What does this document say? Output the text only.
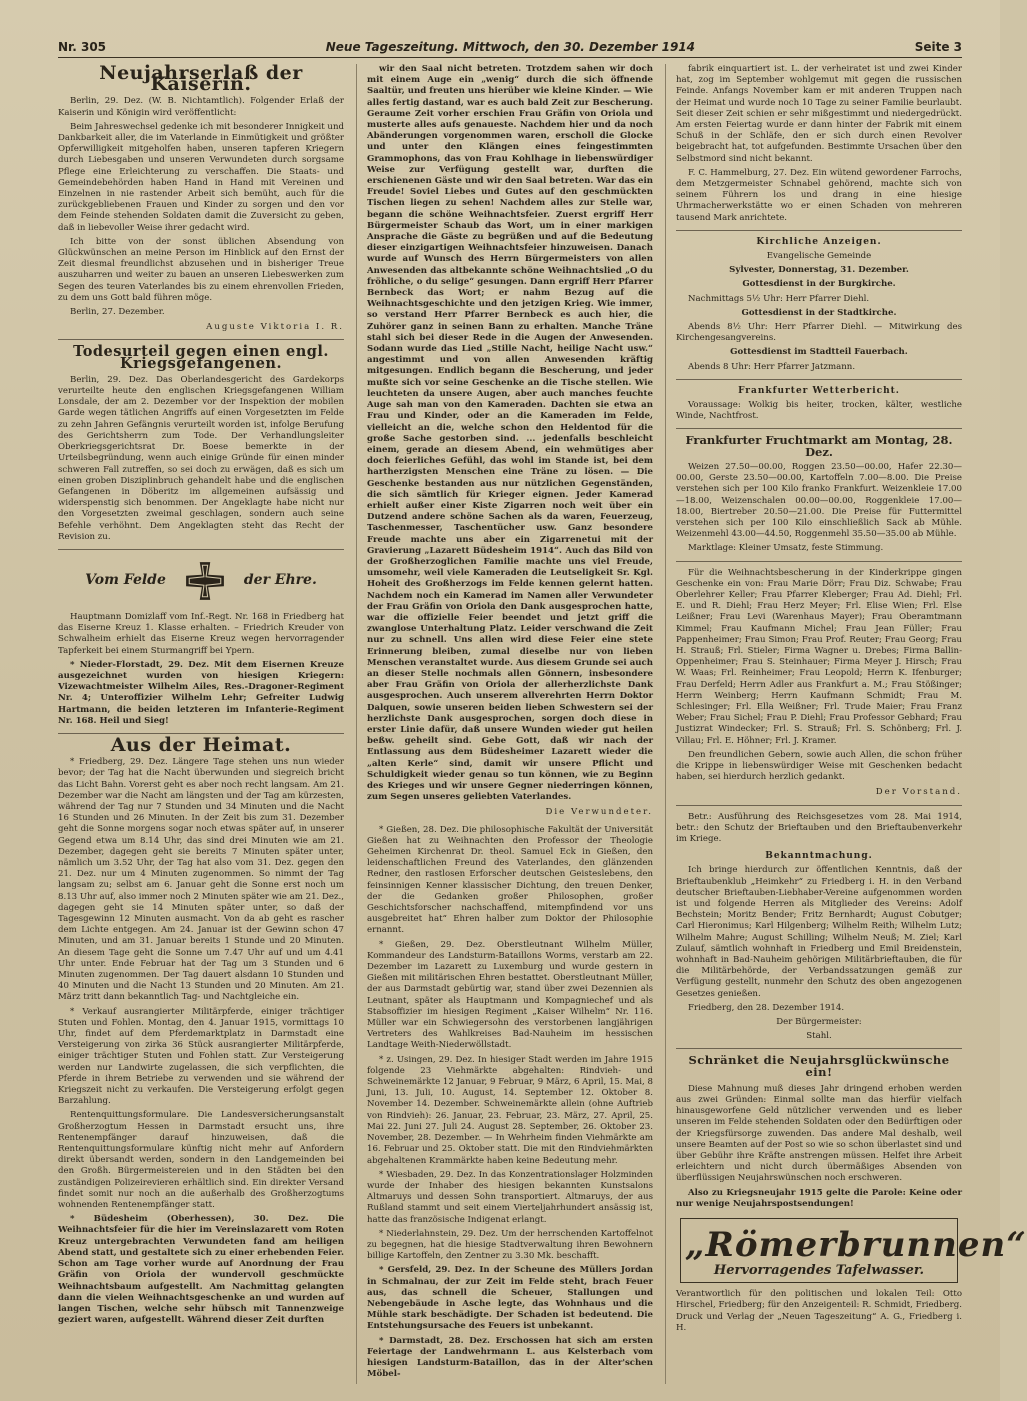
Nr. 305	Neue Tageszeitung. Mittwoch, den 30. Dezember 1914	Seite 3
Neujahrserlaß der Kaiserin.

Berlin, 29. Dez. (W. B. Nichtamtlich). Folgender Erlaß der Kaiserin und Königin wird veröffentlicht:

Beim Jahreswechsel gedenke ich mit besonderer Innigkeit und Dankbarkeit aller, die im Vaterlande in Einmütigkeit und größter Opferwilligkeit mitgeholfen haben, unseren tapferen Kriegern durch Liebesgaben und unseren Verwundeten durch sorgsame Pflege eine Erleichterung zu verschaffen. Die Staats- und Gemeindebehörden haben Hand in Hand mit Vereinen und Einzelnen in nie rastender Arbeit sich bemüht, auch für die zurückgebliebenen Frauen und Kinder zu sorgen und den vor dem Feinde stehenden Soldaten damit die Zuversicht zu geben, daß in liebevoller Weise ihrer gedacht wird.

Ich bitte von der sonst üblichen Absendung von Glückwünschen an meine Person im Hinblick auf den Ernst der Zeit diesmal freundlichst abzusehen und in bisheriger Treue auszuharren und weiter zu bauen an unseren Liebeswerken zum Segen des teuren Vaterlandes bis zu einem ehrenvollen Frieden, zu dem uns Gott bald führen möge.

Berlin, 27. Dezember.

Auguste Viktoria I. R.
Todesurteil gegen einen engl. Kriegsgefangenen.

Berlin, 29. Dez. Das Oberlandesgericht des Gardekorps verurteilte heute den englischen Kriegsgefangenen William Lonsdale, der am 2. Dezember vor der Inspektion der mobilen Garde wegen tätlichen Angriffs auf einen Vorgesetzten im Felde zu zehn Jahren Gefängnis verurteilt worden ist, infolge Berufung des Gerichtsherrn zum Tode. Der Verhandlungsleiter Oberkriegsgerichtsrat Dr. Boese bemerkte in der Urteilsbegründung, wenn auch einige Gründe für einen minder schweren Fall zutreffen, so sei doch zu erwägen, daß es sich um einen groben Disziplinbruch gehandelt habe und die englischen Gefangenen in Döberitz im allgemeinen aufsässig und widerspenstig sich benommen. Der Angeklagte habe nicht nur den Vorgesetzten zweimal geschlagen, sondern auch seine Befehle verhöhnt. Dem Angeklagten steht das Recht der Revision zu.

Vom Felde	der Ehre.

Hauptmann Domizlaff vom Inf.-Regt. Nr. 168 in Friedberg hat das Eiserne Kreuz 1. Klasse erhalten. – Friedrich Kreuder von Schwalheim erhielt das Eiserne Kreuz wegen hervorragender Tapferkeit bei einem Sturmangriff bei Ypern.

* Nieder-Florstadt, 29. Dez. Mit dem Eisernen Kreuze ausgezeichnet wurden von hiesigen Kriegern: Vizewachtmeister Wilhelm Ailes, Res.-Dragoner-Regiment Nr. 4; Unteroffizier Wilhelm Lehr; Gefreiter Ludwig Hartmann, die beiden letzteren im Infanterie-Regiment Nr. 168. Heil und Sieg!

Aus der Heimat.

* Friedberg, 29. Dez. Längere Tage stehen uns nun wieder bevor; der Tag hat die Nacht überwunden und siegreich bricht das Licht Bahn. Vorerst geht es aber noch recht langsam. Am 21. Dezember war die Nacht am längsten und der Tag am kürzesten, während der Tag nur 7 Stunden und 34 Minuten und die Nacht 16 Stunden und 26 Minuten. In der Zeit bis zum 31. Dezember geht die Sonne morgens sogar noch etwas später auf, in unserer Gegend etwa um 8.14 Uhr, das sind drei Minuten wie am 21. Dezember, dagegen geht sie bereits 7 Minuten später unter, nämlich um 3.52 Uhr, der Tag hat also vom 31. Dez. gegen den 21. Dez. nur um 4 Minuten zugenommen. So nimmt der Tag langsam zu; selbst am 6. Januar geht die Sonne erst noch um 8.13 Uhr auf, also immer noch 2 Minuten später wie am 21. Dez., dagegen geht sie 14 Minuten später unter, so daß der Tagesgewinn 12 Minuten ausmacht. Von da ab geht es rascher dem Lichte entgegen. Am 24. Januar ist der Gewinn schon 47 Minuten, und am 31. Januar bereits 1 Stunde und 20 Minuten. An diesem Tage geht die Sonne um 7.47 Uhr auf und um 4.41 Uhr unter. Ende Februar hat der Tag um 3 Stunden und 6 Minuten zugenommen. Der Tag dauert alsdann 10 Stunden und 40 Minuten und die Nacht 13 Stunden und 20 Minuten. Am 21. März tritt dann bekanntlich Tag- und Nachtgleiche ein.

* Verkauf ausrangierter Militärpferde, einiger trächtiger Stuten und Fohlen. Montag, den 4. Januar 1915, vormittags 10 Uhr, findet auf dem Pferdemarktplatz in Darmstadt eine Versteigerung von zirka 36 Stück ausrangierter Militärpferde, einiger trächtiger Stuten und Fohlen statt. Zur Versteigerung werden nur Landwirte zugelassen, die sich verpflichten, die Pferde in ihrem Betriebe zu verwenden und sie während der Kriegszeit nicht zu verkaufen. Die Versteigerung erfolgt gegen Barzahlung.

Rentenquittungsformulare. Die Landesversicherungsanstalt Großherzogtum Hessen in Darmstadt ersucht uns, ihre Rentenempfänger darauf hinzuweisen, daß die Rentenquittungsformulare künftig nicht mehr auf Anfordern direkt übersandt werden, sondern in den Landgemeinden bei den Großh. Bürgermeistereien und in den Städten bei den zuständigen Polizeirevieren erhältlich sind. Ein direkter Versand findet somit nur noch an die außerhalb des Großherzogtums wohnenden Rentenempfänger statt.

* Büdesheim (Oberhessen), 30. Dez. Die Weihnachtsfeier für die hier im Vereinslazarett vom Roten Kreuz untergebrachten Verwundeten fand am heiligen Abend statt, und gestaltete sich zu einer erhebenden Feier. Schon am Tage vorher wurde auf Anordnung der Frau Gräfin von Oriola der wundervoll geschmückte Weihnachtsbaum aufgestellt. Am Nachmittag gelangten dann die vielen Weihnachtsgeschenke an und wurden auf langen Tischen, welche sehr hübsch mit Tannenzweige geziert waren, aufgestellt. Während dieser Zeit durften

wir den Saal nicht betreten. Trotzdem sahen wir doch mit einem Auge ein „wenig“ durch die sich öffnende Saaltür, und freuten uns hierüber wie kleine Kinder. — Wie alles fertig dastand, war es auch bald Zeit zur Bescherung. Geraume Zeit vorher erschien Frau Gräfin von Oriola und musterte alles aufs genaueste. Nachdem hier und da noch Abänderungen vorgenommen waren, erscholl die Glocke und unter den Klängen eines feingestimmten Grammophons, das von Frau Kohlhage in liebenswürdiger Weise zur Verfügung gestellt war, durften die erschienenen Gäste und wir den Saal betreten. War das ein Freude! Soviel Liebes und Gutes auf den geschmückten Tischen liegen zu sehen! Nachdem alles zur Stelle war, begann die schöne Weihnachtsfeier. Zuerst ergriff Herr Bürgermeister Schaub das Wort, um in einer markigen Ansprache die Gäste zu begrüßen und auf die Bedeutung dieser einzigartigen Weihnachtsfeier hinzuweisen. Danach wurde auf Wunsch des Herrn Bürgermeisters von allen Anwesenden das altbekannte schöne Weihnachtslied „O du fröhliche, o du selige“ gesungen. Dann ergriff Herr Pfarrer Bernbeck das Wort; er nahm Bezug auf die Weihnachtsgeschichte und den jetzigen Krieg. Wie immer, so verstand Herr Pfarrer Bernbeck es auch hier, die Zuhörer ganz in seinen Bann zu erhalten. Manche Träne stahl sich bei dieser Rede in die Augen der Anwesenden. Sodann wurde das Lied „Stille Nacht, heilige Nacht usw.“ angestimmt und von allen Anwesenden kräftig mitgesungen. Endlich begann die Bescherung, und jeder mußte sich vor seine Geschenke an die Tische stellen. Wie leuchteten da unsere Augen, aber auch manches feuchte Auge sah man von den Kameraden. Dachten sie etwa an Frau und Kinder, oder an die Kameraden im Felde, vielleicht an die, welche schon den Heldentod für die große Sache gestorben sind. ... jedenfalls beschleicht einem, gerade an diesem Abend, ein wehmütiges aber doch feierliches Gefühl, das wohl im Stande ist, bei dem hartherzigsten Menschen eine Träne zu lösen. — Die Geschenke bestanden aus nur nützlichen Gegenständen, die sich sämtlich für Krieger eignen. Jeder Kamerad erhielt außer einer Kiste Zigarren noch weit über ein Dutzend andere schöne Sachen als da waren, Feuerzeug, Taschenmesser, Taschentücher usw. Ganz besondere Freude machte uns aber ein Zigarrenetui mit der Gravierung „Lazarett Büdesheim 1914“. Auch das Bild von der Großherzoglichen Familie machte uns viel Freude, umsomehr, weil viele Kameraden die Leutseligkeit Sr. Kgl. Hoheit des Großherzogs im Felde kennen gelernt hatten. Nachdem noch ein Kamerad im Namen aller Verwundeter der Frau Gräfin von Oriola den Dank ausgesprochen hatte, war die offizielle Feier beendet und jetzt griff die zwanglose Unterhaltung Platz. Leider verschwand die Zeit nur zu schnell. Uns allen wird diese Feier eine stete Erinnerung bleiben, zumal dieselbe nur von lieben Menschen veranstaltet wurde. Aus diesem Grunde sei auch an dieser Stelle nochmals allen Gönnern, insbesondere aber Frau Gräfin von Oriola der allerherzlichste Dank ausgesprochen. Auch unserem allverehrten Herrn Doktor Dalquen, sowie unseren beiden lieben Schwestern sei der herzlichste Dank ausgesprochen, sorgen doch diese in erster Linie dafür, daß unsere Wunden wieder gut heilen beßw. geheilt sind. Gebe Gott, daß wir nach der Entlassung aus dem Büdesheimer Lazarett wieder die „alten Kerle“ sind, damit wir unsere Pflicht und Schuldigkeit wieder genau so tun können, wie zu Beginn des Krieges und wir unsere Gegner niederringen können, zum Segen unseres geliebten Vaterlandes.

Die Verwundeter.

* Gießen, 28. Dez. Die philosophische Fakultät der Universität Gießen hat zu Weihnachten den Professor der Theologie Geheimen Kirchenrat Dr. theol. Samuel Eck in Gießen, den leidenschaftlichen Freund des Vaterlandes, den glänzenden Redner, den rastlosen Erforscher deutschen Geisteslebens, den feinsinnigen Kenner klassischer Dichtung, den treuen Denker, der die Gedanken großer Philosophen, großer Geschichtsforscher nachschaffend, mitempfindend vor uns ausgebreitet hat“ Ehren halber zum Doktor der Philosophie ernannt.

* Gießen, 29. Dez. Oberstleutnant Wilhelm Müller, Kommandeur des Landsturm-Bataillons Worms, verstarb am 22. Dezember im Lazarett zu Luxemburg und wurde gestern in Gießen mit militärischen Ehren bestattet. Oberstleutnant Müller, der aus Darmstadt gebürtig war, stand über zwei Dezennien als Leutnant, später als Hauptmann und Kompagniechef und als Stabsoffizier im hiesigen Regiment „Kaiser Wilhelm“ Nr. 116. Müller war ein Schwiegersohn des verstorbenen langjährigen Vertreters des Wahlkreises Bad-Nauheim im hessischen Landtage Weith-Niederwöllstadt.

* z. Usingen, 29. Dez. In hiesiger Stadt werden im Jahre 1915 folgende 23 Viehmärkte abgehalten: Rindvieh- und Schweinemärkte 12 Januar, 9 Februar, 9 März, 6 April, 15. Mai, 8 Juni, 13. Juli, 10. August, 14. September 12. Oktober 8. November 14. Dezember. Schweinemärkte allein (ohne Auftrieb von Rindvieh): 26. Januar, 23. Februar, 23. März, 27. April, 25. Mai 22. Juni 27. Juli 24. August 28. September, 26. Oktober 23. November, 28. Dezember. — In Wehrheim finden Viehmärkte am 16. Februar und 25. Oktober statt. Die mit den Rindviehmärkten abgehaltenen Krammärkte haben keine Bedeutung mehr.

* Wiesbaden, 29. Dez. In das Konzentrationslager Holzminden wurde der Inhaber des hiesigen bekannten Kunstsalons Altmaruys und dessen Sohn transportiert. Altmaruys, der aus Rußland stammt und seit einem Vierteljahrhundert ansässig ist, hatte das französische Indigenat erlangt.

* Niederlahnstein, 29. Dez. Um der herrschenden Kartoffelnot zu begegnen, hat die hiesige Stadtverwaltung ihren Bewohnern billige Kartoffeln, den Zentner zu 3.30 Mk. beschafft.

* Gersfeld, 29. Dez. In der Scheune des Müllers Jordan in Schmalnau, der zur Zeit im Felde steht, brach Feuer aus, das schnell die Scheuer, Stallungen und Nebengebäude in Asche legte, das Wohnhaus und die Mühle stark beschädigte. Der Schaden ist bedeutend. Die Entstehungsursache des Feuers ist unbekannt.

* Darmstadt, 28. Dez. Erschossen hat sich am ersten Feiertage der Landwehrmann L. aus Kelsterbach vom hiesigen Landsturm-Bataillon, das in der Alter'schen Möbel-

fabrik einquartiert ist. L. der verheiratet ist und zwei Kinder hat, zog im September wohlgemut mit gegen die russischen Feinde. Anfangs November kam er mit anderen Truppen nach der Heimat und wurde noch 10 Tage zu seiner Familie beurlaubt. Seit dieser Zeit schien er sehr mißgestimmt und niedergedrückt. Am ersten Feiertag wurde er dann hinter der Fabrik mit einem Schuß in der Schläfe, den er sich durch einen Revolver beigebracht hat, tot aufgefunden. Bestimmte Ursachen über den Selbstmord sind nicht bekannt.

F. C. Hammelburg, 27. Dez. Ein wütend gewordener Farrochs, dem Metzgermeister Schnabel gehörend, machte sich von seinem Führern los und drang in eine hiesige Uhrmacherwerkstätte wo er einen Schaden von mehreren tausend Mark anrichtete.

Kirchliche Anzeigen.

Evangelische Gemeinde

Sylvester, Donnerstag, 31. Dezember.

Gottesdienst in der Burgkirche.

Nachmittags 5½ Uhr: Herr Pfarrer Diehl.

Gottesdienst in der Stadtkirche.

Abends 8½ Uhr: Herr Pfarrer Diehl. — Mitwirkung des Kirchengesangvereins.

Gottesdienst im Stadtteil Fauerbach.

Abends 8 Uhr: Herr Pfarrer Jatzmann.

Frankfurter Wetterbericht.

Voraussage: Wolkig bis heiter, trocken, kälter, westliche Winde, Nachtfrost.

Frankfurter Fruchtmarkt am Montag, 28. Dez.

Weizen 27.50—00.00, Roggen 23.50—00.00, Hafer 22.30—00.00, Gerste 23.50—00.00, Kartoffeln 7.00—8.00. Die Preise verstehen sich per 100 Kilo franko Frankfurt. Weizenkleie 17.00—18.00, Weizenschalen 00.00—00.00, Roggenkleie 17.00—18.00, Biertreber 20.50—21.00. Die Preise für Futtermittel verstehen sich per 100 Kilo einschließlich Sack ab Mühle. Weizenmehl 43.00—44.50, Roggenmehl 35.50—35.00 ab Mühle.

Marktlage: Kleiner Umsatz, feste Stimmung.

Für die Weihnachtsbescherung in der Kinderkrippe gingen Geschenke ein von: Frau Marie Dörr; Frau Diz. Schwabe; Frau Oberlehrer Keller; Frau Pfarrer Kleberger; Frau Ad. Diehl; Frl. E. und R. Diehl; Frau Herz Meyer; Frl. Elise Wien; Frl. Else Leißner; Frau Levi (Warenhaus Mayer); Frau Oberamtmann Kimmel; Frau Kaufmann Michel; Frau Jean Füller; Frau Pappenheimer; Frau Simon; Frau Prof. Reuter; Frau Georg; Frau H. Strauß; Frl. Stieler; Firma Wagner u. Drebes; Firma Ballin-Oppenheimer; Frau S. Steinhauer; Firma Meyer J. Hirsch; Frau W. Waas; Frl. Reinheimer; Frau Leopold; Herrn K. Ifenburger; Frau Derfeld; Herrn Adler aus Frankfurt a. M.; Frau Stößinger; Herrn Weinberg; Herrn Kaufmann Schmidt; Frau M. Schlesinger; Frl. Ella Weißner; Frl. Trude Maier; Frau Franz Weber; Frau Sichel; Frau P. Diehl; Frau Professor Gebhard; Frau Justizrat Windecker; Frl. S. Strauß; Frl. S. Schönberg; Frl. J. Villau; Frl. E. Höhner; Frl. J. Kramer.

Den freundlichen Gebern, sowie auch Allen, die schon früher die Krippe in liebenswürdiger Weise mit Geschenken bedacht haben, sei hierdurch herzlich gedankt.

Der Vorstand.

Betr.: Ausführung des Reichsgesetzes vom 28. Mai 1914, betr.: den Schutz der Brieftauben und den Brieftaubenverkehr im Kriege.

Bekanntmachung.

Ich bringe hierdurch zur öffentlichen Kenntnis, daß der Brieftaubenklub „Heimkehr“ zu Friedberg i. H. in den Verband deutscher Brieftauben-Liebhaber-Vereine aufgenommen worden ist und folgende Herren als Mitglieder des Vereins: Adolf Bechstein; Moritz Bender; Fritz Bernhardt; August Cobutger; Carl Hieronimus; Karl Hilgenberg; Wilhelm Reith; Wilhelm Lutz; Wilhelm Mahre; August Schilling; Wilhelm Neuß; M. Ziel; Karl Zulauf, sämtlich wohnhaft in Friedberg und Emil Breidenstein, wohnhaft in Bad-Nauheim gehörigen Militärbrieftauben, die für die Militärbehörde, der Verbandssatzungen gemäß zur Verfügung gestellt, nunmehr den Schutz des oben angezogenen Gesetzes genießen.

Friedberg, den 28. Dezember 1914.

Der Bürgermeister:

Stahl.

Schränket die Neujahrsglückwünsche ein!

Diese Mahnung muß dieses Jahr dringend erhoben werden aus zwei Gründen: Einmal sollte man das hierfür vielfach hinausgeworfene Geld nützlicher verwenden und es lieber unseren im Felde stehenden Soldaten oder den Bedürftigen oder der Kriegsfürsorge zuwenden. Das andere Mal deshalb, weil unsere Beamten auf der Post so wie so schon überlastet sind und über Gebühr ihre Kräfte anstrengen müssen. Helfet ihre Arbeit erleichtern und nicht durch übermäßiges Absenden von überflüssigen Neujahrswünschen noch erschweren.

Also zu Kriegsneujahr 1915 gelte die Parole: Keine oder nur wenige Neujahrspostsendungen!

„Römerbrunnen“
Hervorragendes Tafelwasser.

Verantwortlich für den politischen und lokalen Teil: Otto Hirschel, Friedberg; für den Anzeigenteil: R. Schmidt, Friedberg. Druck und Verlag der „Neuen Tageszeitung“ A. G., Friedberg i. H.
